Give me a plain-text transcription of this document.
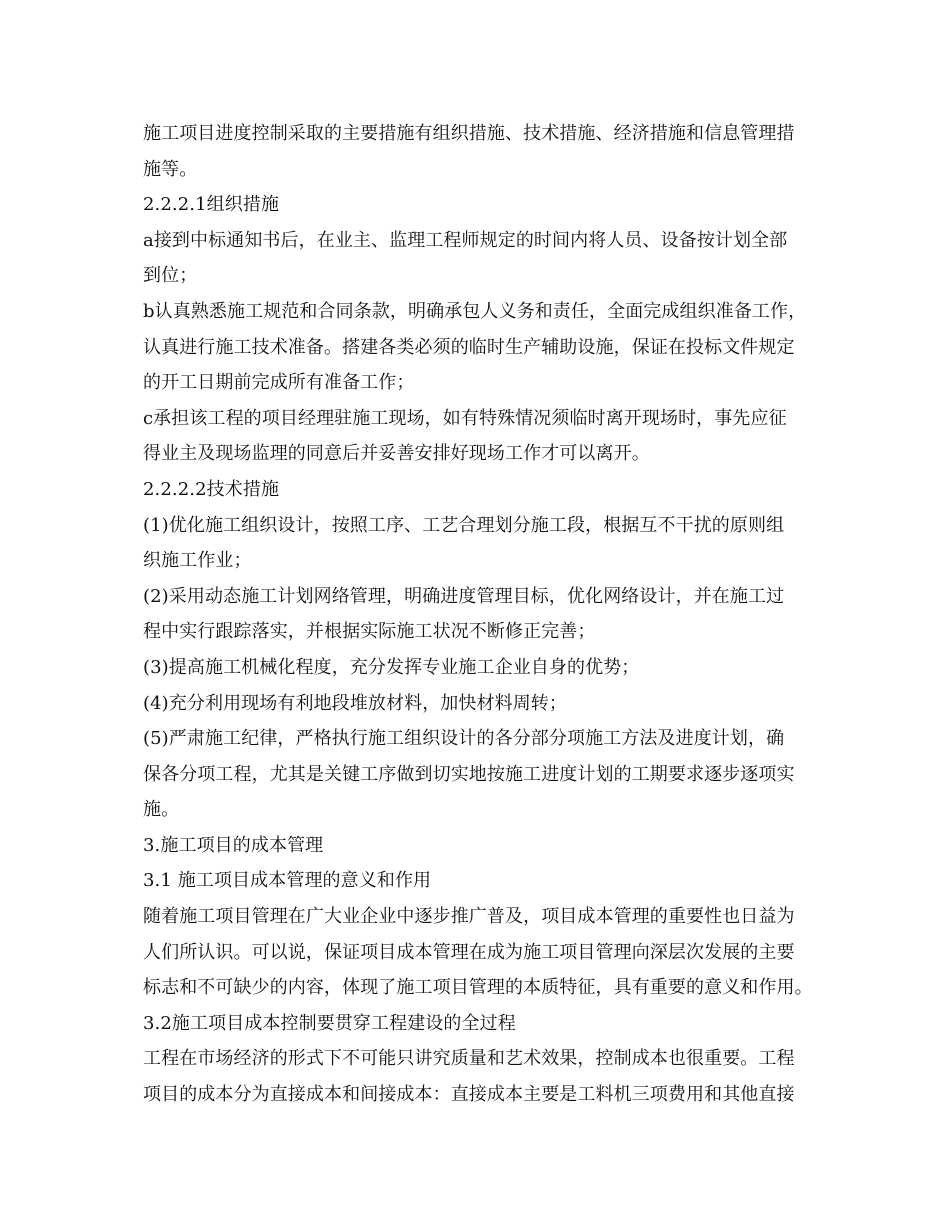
施工项目进度控制采取的主要措施有组织措施、技术措施、经济措施和信息管理措
施等。
2.2.2.1组织措施
a接到中标通知书后，在业主、监理工程师规定的时间内将人员、设备按计划全部
到位；
b认真熟悉施工规范和合同条款，明确承包人义务和责任，全面完成组织准备工作，
认真进行施工技术准备。搭建各类必须的临时生产辅助设施，保证在投标文件规定
的开工日期前完成所有准备工作；
c承担该工程的项目经理驻施工现场，如有特殊情况须临时离开现场时，事先应征
得业主及现场监理的同意后并妥善安排好现场工作才可以离开。
2.2.2.2技术措施
(1)优化施工组织设计，按照工序、工艺合理划分施工段，根据互不干扰的原则组
织施工作业；
(2)采用动态施工计划网络管理，明确进度管理目标，优化网络设计，并在施工过
程中实行跟踪落实，并根据实际施工状况不断修正完善；
(3)提高施工机械化程度，充分发挥专业施工企业自身的优势；
(4)充分利用现场有利地段堆放材料，加快材料周转；
(5)严肃施工纪律，严格执行施工组织设计的各分部分项施工方法及进度计划，确
保各分项工程，尤其是关键工序做到切实地按施工进度计划的工期要求逐步逐项实
施。
3.施工项目的成本管理
3.1 施工项目成本管理的意义和作用
随着施工项目管理在广大业企业中逐步推广普及，项目成本管理的重要性也日益为
人们所认识。可以说，保证项目成本管理在成为施工项目管理向深层次发展的主要
标志和不可缺少的内容，体现了施工项目管理的本质特征，具有重要的意义和作用。
3.2施工项目成本控制要贯穿工程建设的全过程
工程在市场经济的形式下不可能只讲究质量和艺术效果，控制成本也很重要。工程
项目的成本分为直接成本和间接成本：直接成本主要是工料机三项费用和其他直接
